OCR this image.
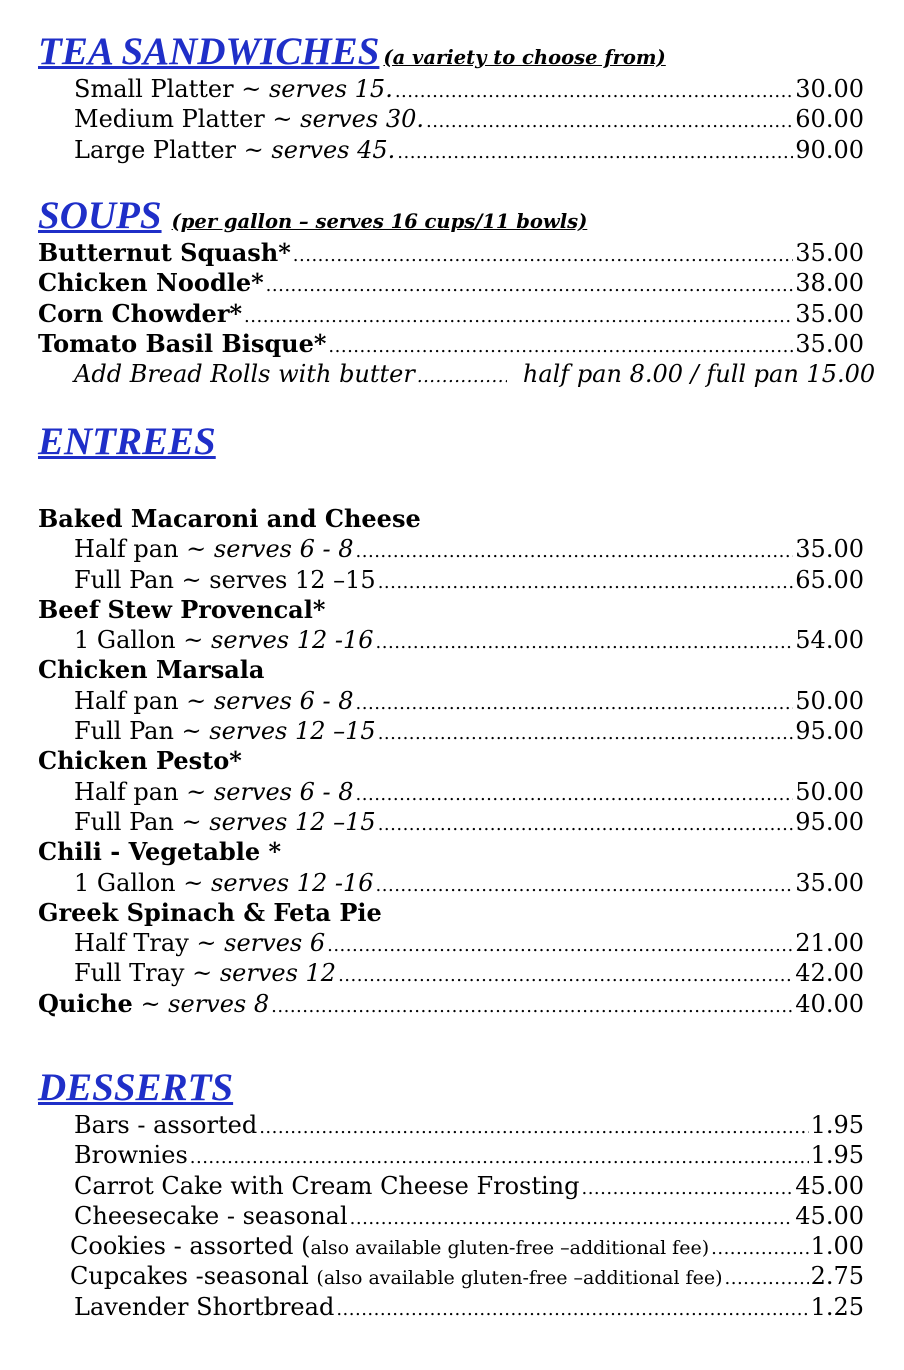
TEA SANDWICHES (a variety to choose from)
Small Platter ~ serves 15. .....	30.00
Medium Platter ~ serves 30. .....	60.00
Large Platter ~ serves 45. .....	90.00
SOUPS (per gallon – serves 16 cups/11 bowls)
Butternut Squash* .....	35.00
Chicken Noodle* .....	38.00
Corn Chowder* .....	35.00
Tomato Basil Bisque* .....	35.00
Add Bread Rolls with butter .....	half pan 8.00 / full pan 15.00
ENTREES
Baked Macaroni and Cheese
Half pan ~ serves 6 - 8 .....	35.00
Full Pan ~ serves 12 –15 .....	65.00
Beef Stew Provencal*
1 Gallon ~ serves 12 -16 .....	54.00
Chicken Marsala
Half pan ~ serves 6 - 8 .....	50.00
Full Pan ~ serves 12 –15 .....	95.00
Chicken Pesto*
Half pan ~ serves 6 - 8 .....	50.00
Full Pan ~ serves 12 –15 .....	95.00
Chili - Vegetable *
1 Gallon ~ serves 12 -16 .....	35.00
Greek Spinach & Feta Pie
Half Tray ~ serves 6 .....	21.00
Full Tray ~ serves 12 .....	42.00
Quiche ~ serves 8 .....	40.00
DESSERTS
Bars - assorted .....	1.95
Brownies .....	1.95
Carrot Cake with Cream Cheese Frosting .....	45.00
Cheesecake - seasonal .....	45.00
Cookies - assorted (also available gluten-free –additional fee) .....	1.00
Cupcakes -seasonal (also available gluten-free –additional fee) .....	2.75
Lavender Shortbread .....	1.25
